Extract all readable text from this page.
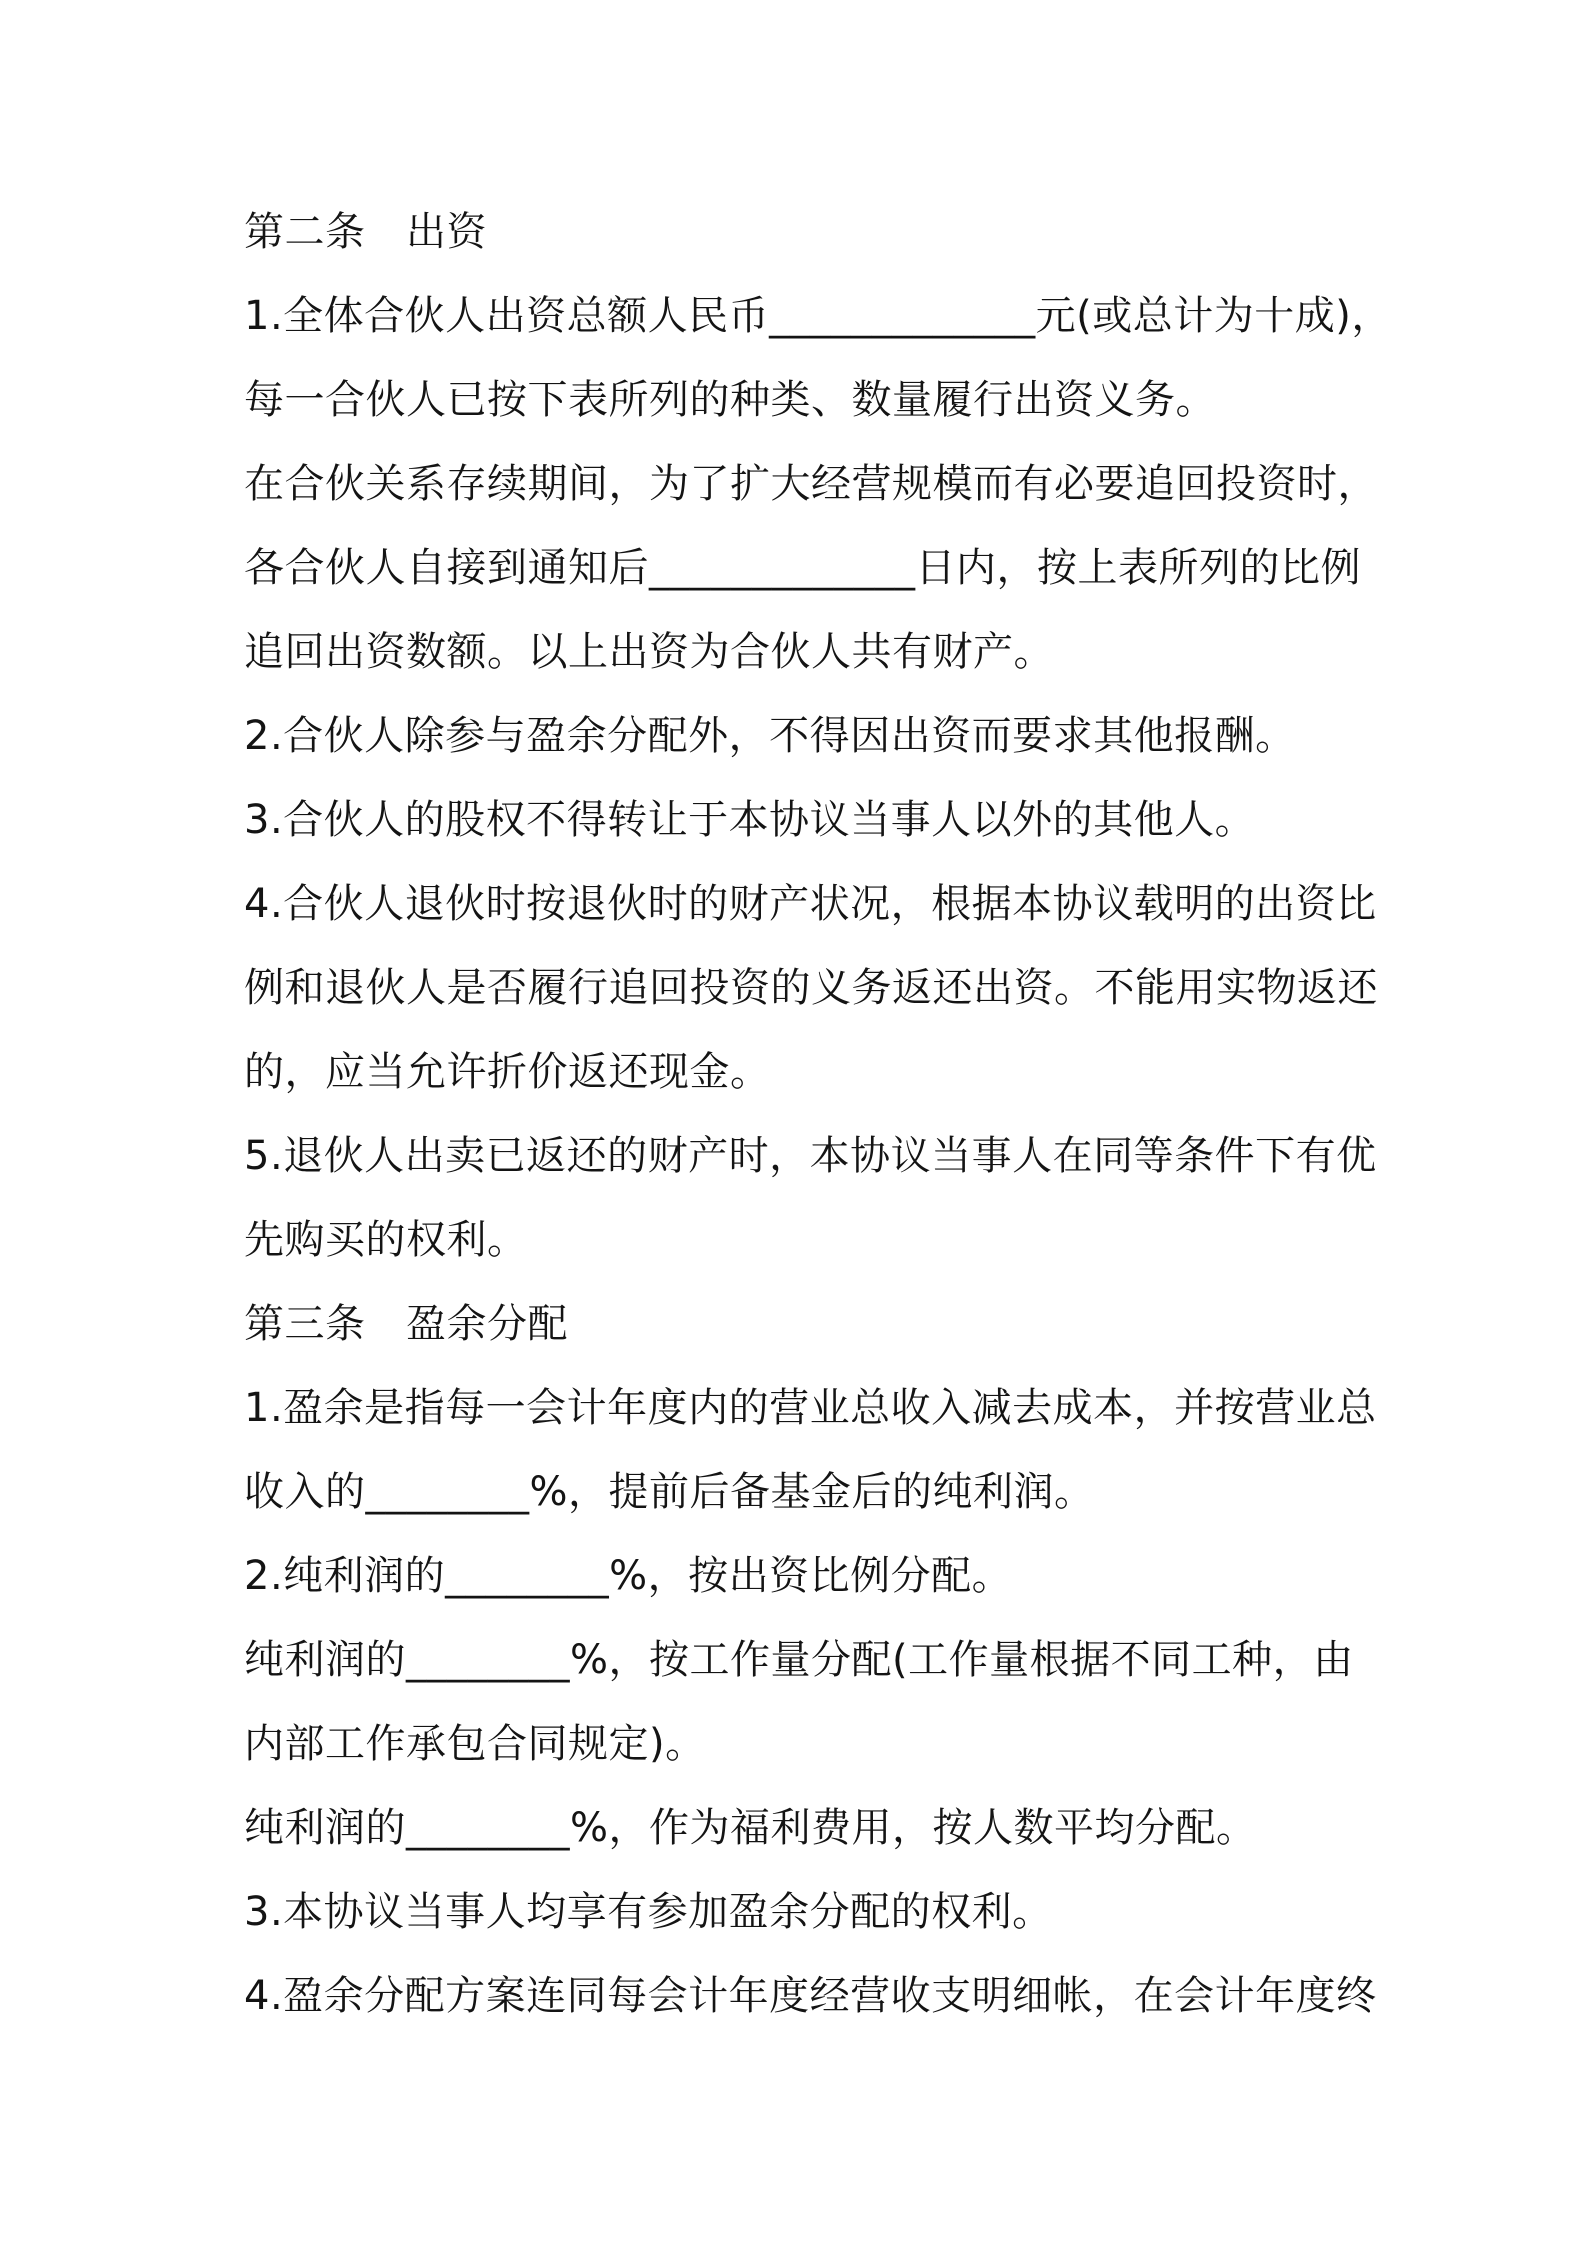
第二条　出资
1.全体合伙人出资总额人民币_____________元(或总计为十成)，
每一合伙人已按下表所列的种类、数量履行出资义务。
在合伙关系存续期间，为了扩大经营规模而有必要追回投资时，
各合伙人自接到通知后_____________日内，按上表所列的比例
追回出资数额。以上出资为合伙人共有财产。
2.合伙人除参与盈余分配外，不得因出资而要求其他报酬。
3.合伙人的股权不得转让于本协议当事人以外的其他人。
4.合伙人退伙时按退伙时的财产状况，根据本协议载明的出资比
例和退伙人是否履行追回投资的义务返还出资。不能用实物返还
的，应当允许折价返还现金。
5.退伙人出卖已返还的财产时，本协议当事人在同等条件下有优
先购买的权利。
第三条　盈余分配
1.盈余是指每一会计年度内的营业总收入减去成本，并按营业总
收入的________%，提前后备基金后的纯利润。
2.纯利润的________%，按出资比例分配。
纯利润的________%，按工作量分配(工作量根据不同工种，由
内部工作承包合同规定)。
纯利润的________%，作为福利费用，按人数平均分配。
3.本协议当事人均享有参加盈余分配的权利。
4.盈余分配方案连同每会计年度经营收支明细帐，在会计年度终
